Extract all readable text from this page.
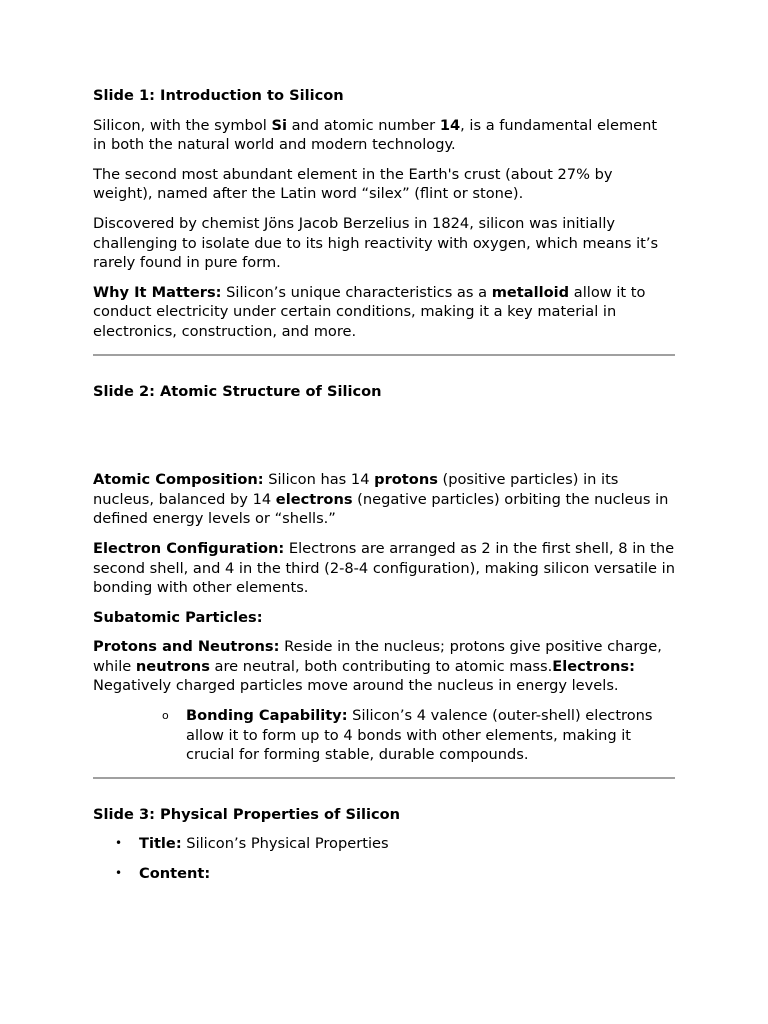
Slide 1: Introduction to Silicon

Silicon, with the symbol Si and atomic number 14, is a fundamental element in both the natural world and modern technology.

The second most abundant element in the Earth's crust (about 27% by weight), named after the Latin word “silex” (flint or stone).

Discovered by chemist Jöns Jacob Berzelius in 1824, silicon was initially challenging to isolate due to its high reactivity with oxygen, which means it’s rarely found in pure form.

Why It Matters: Silicon’s unique characteristics as a metalloid allow it to conduct electricity under certain conditions, making it a key material in electronics, construction, and more.

Slide 2: Atomic Structure of Silicon

Atomic Composition: Silicon has 14 protons (positive particles) in its nucleus, balanced by 14 electrons (negative particles) orbiting the nucleus in defined energy levels or “shells.”

Electron Configuration: Electrons are arranged as 2 in the first shell, 8 in the second shell, and 4 in the third (2-8-4 configuration), making silicon versatile in bonding with other elements.

Subatomic Particles:

Protons and Neutrons: Reside in the nucleus; protons give positive charge, while neutrons are neutral, both contributing to atomic mass.Electrons: Negatively charged particles move around the nucleus in energy levels.

o Bonding Capability: Silicon’s 4 valence (outer-shell) electrons allow it to form up to 4 bonds with other elements, making it crucial for forming stable, durable compounds.
Slide 3: Physical Properties of Silicon
• Title: Silicon’s Physical Properties
• Content:
